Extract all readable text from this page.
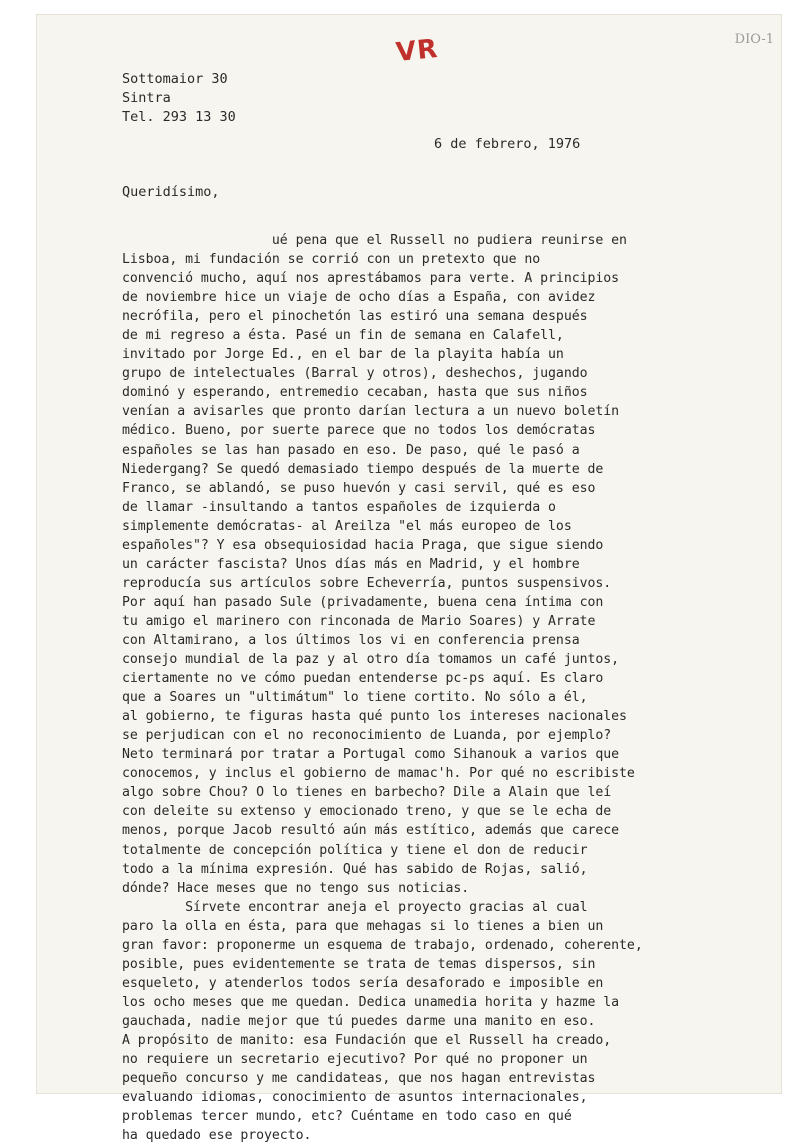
DIO-1
VR
Sottomaior 30
Sintra
Tel. 293 13 30
6 de febrero, 1976
Queridísimo,
ué pena que el Russell no pudiera reunirse en
Lisboa, mi fundación se corrió con un pretexto que no
convenció mucho, aquí nos aprestábamos para verte. A principios
de noviembre hice un viaje de ocho días a España, con avidez
necrófila, pero el pinochetón las estiró una semana después
de mi regreso a ésta. Pasé un fin de semana en Calafell,
invitado por Jorge Ed., en el bar de la playita había un
grupo de intelectuales (Barral y otros), deshechos, jugando
dominó y esperando, entremedio cecaban, hasta que sus niños
venían a avisarles que pronto darían lectura a un nuevo boletín
médico. Bueno, por suerte parece que no todos los demócratas
españoles se las han pasado en eso. De paso, qué le pasó a
Niedergang? Se quedó demasiado tiempo después de la muerte de
Franco, se ablandó, se puso huevón y casi servil, qué es eso
de llamar -insultando a tantos españoles de izquierda o
simplemente demócratas- al Areilza "el más europeo de los
españoles"? Y esa obsequiosidad hacia Praga, que sigue siendo
un carácter fascista? Unos días más en Madrid, y el hombre
reproducía sus artículos sobre Echeverría, puntos suspensivos.
Por aquí han pasado Sule (privadamente, buena cena íntima con
tu amigo el marinero con rinconada de Mario Soares) y Arrate
con Altamirano, a los últimos los vi en conferencia prensa
consejo mundial de la paz y al otro día tomamos un café juntos,
ciertamente no ve cómo puedan entenderse pc-ps aquí. Es claro
que a Soares un "ultimátum" lo tiene cortito. No sólo a él,
al gobierno, te figuras hasta qué punto los intereses nacionales
se perjudican con el no reconocimiento de Luanda, por ejemplo?
Neto terminará por tratar a Portugal como Sihanouk a varios que
conocemos, y inclus el gobierno de mamac'h. Por qué no escribiste
algo sobre Chou? O lo tienes en barbecho? Dile a Alain que leí
con deleite su extenso y emocionado treno, y que se le echa de
menos, porque Jacob resultó aún más estítico, además que carece
totalmente de concepción política y tiene el don de reducir
todo a la mínima expresión. Qué has sabido de Rojas, salió,
dónde? Hace meses que no tengo sus noticias.
Sírvete encontrar aneja el proyecto gracias al cual
paro la olla en ésta, para que mehagas si lo tienes a bien un
gran favor: proponerme un esquema de trabajo, ordenado, coherente,
posible, pues evidentemente se trata de temas dispersos, sin
esqueleto, y atenderlos todos sería desaforado e imposible en
los ocho meses que me quedan. Dedica unamedia horita y hazme la
gauchada, nadie mejor que tú puedes darme una manito en eso.
A propósito de manito: esa Fundación que el Russell ha creado,
no requiere un secretario ejecutivo? Por qué no proponer un
pequeño concurso y me candidateas, que nos hagan entrevistas
evaluando idiomas, conocimiento de asuntos internacionales,
problemas tercer mundo, etc? Cuéntame en todo caso en qué
ha quedado ese proyecto.
